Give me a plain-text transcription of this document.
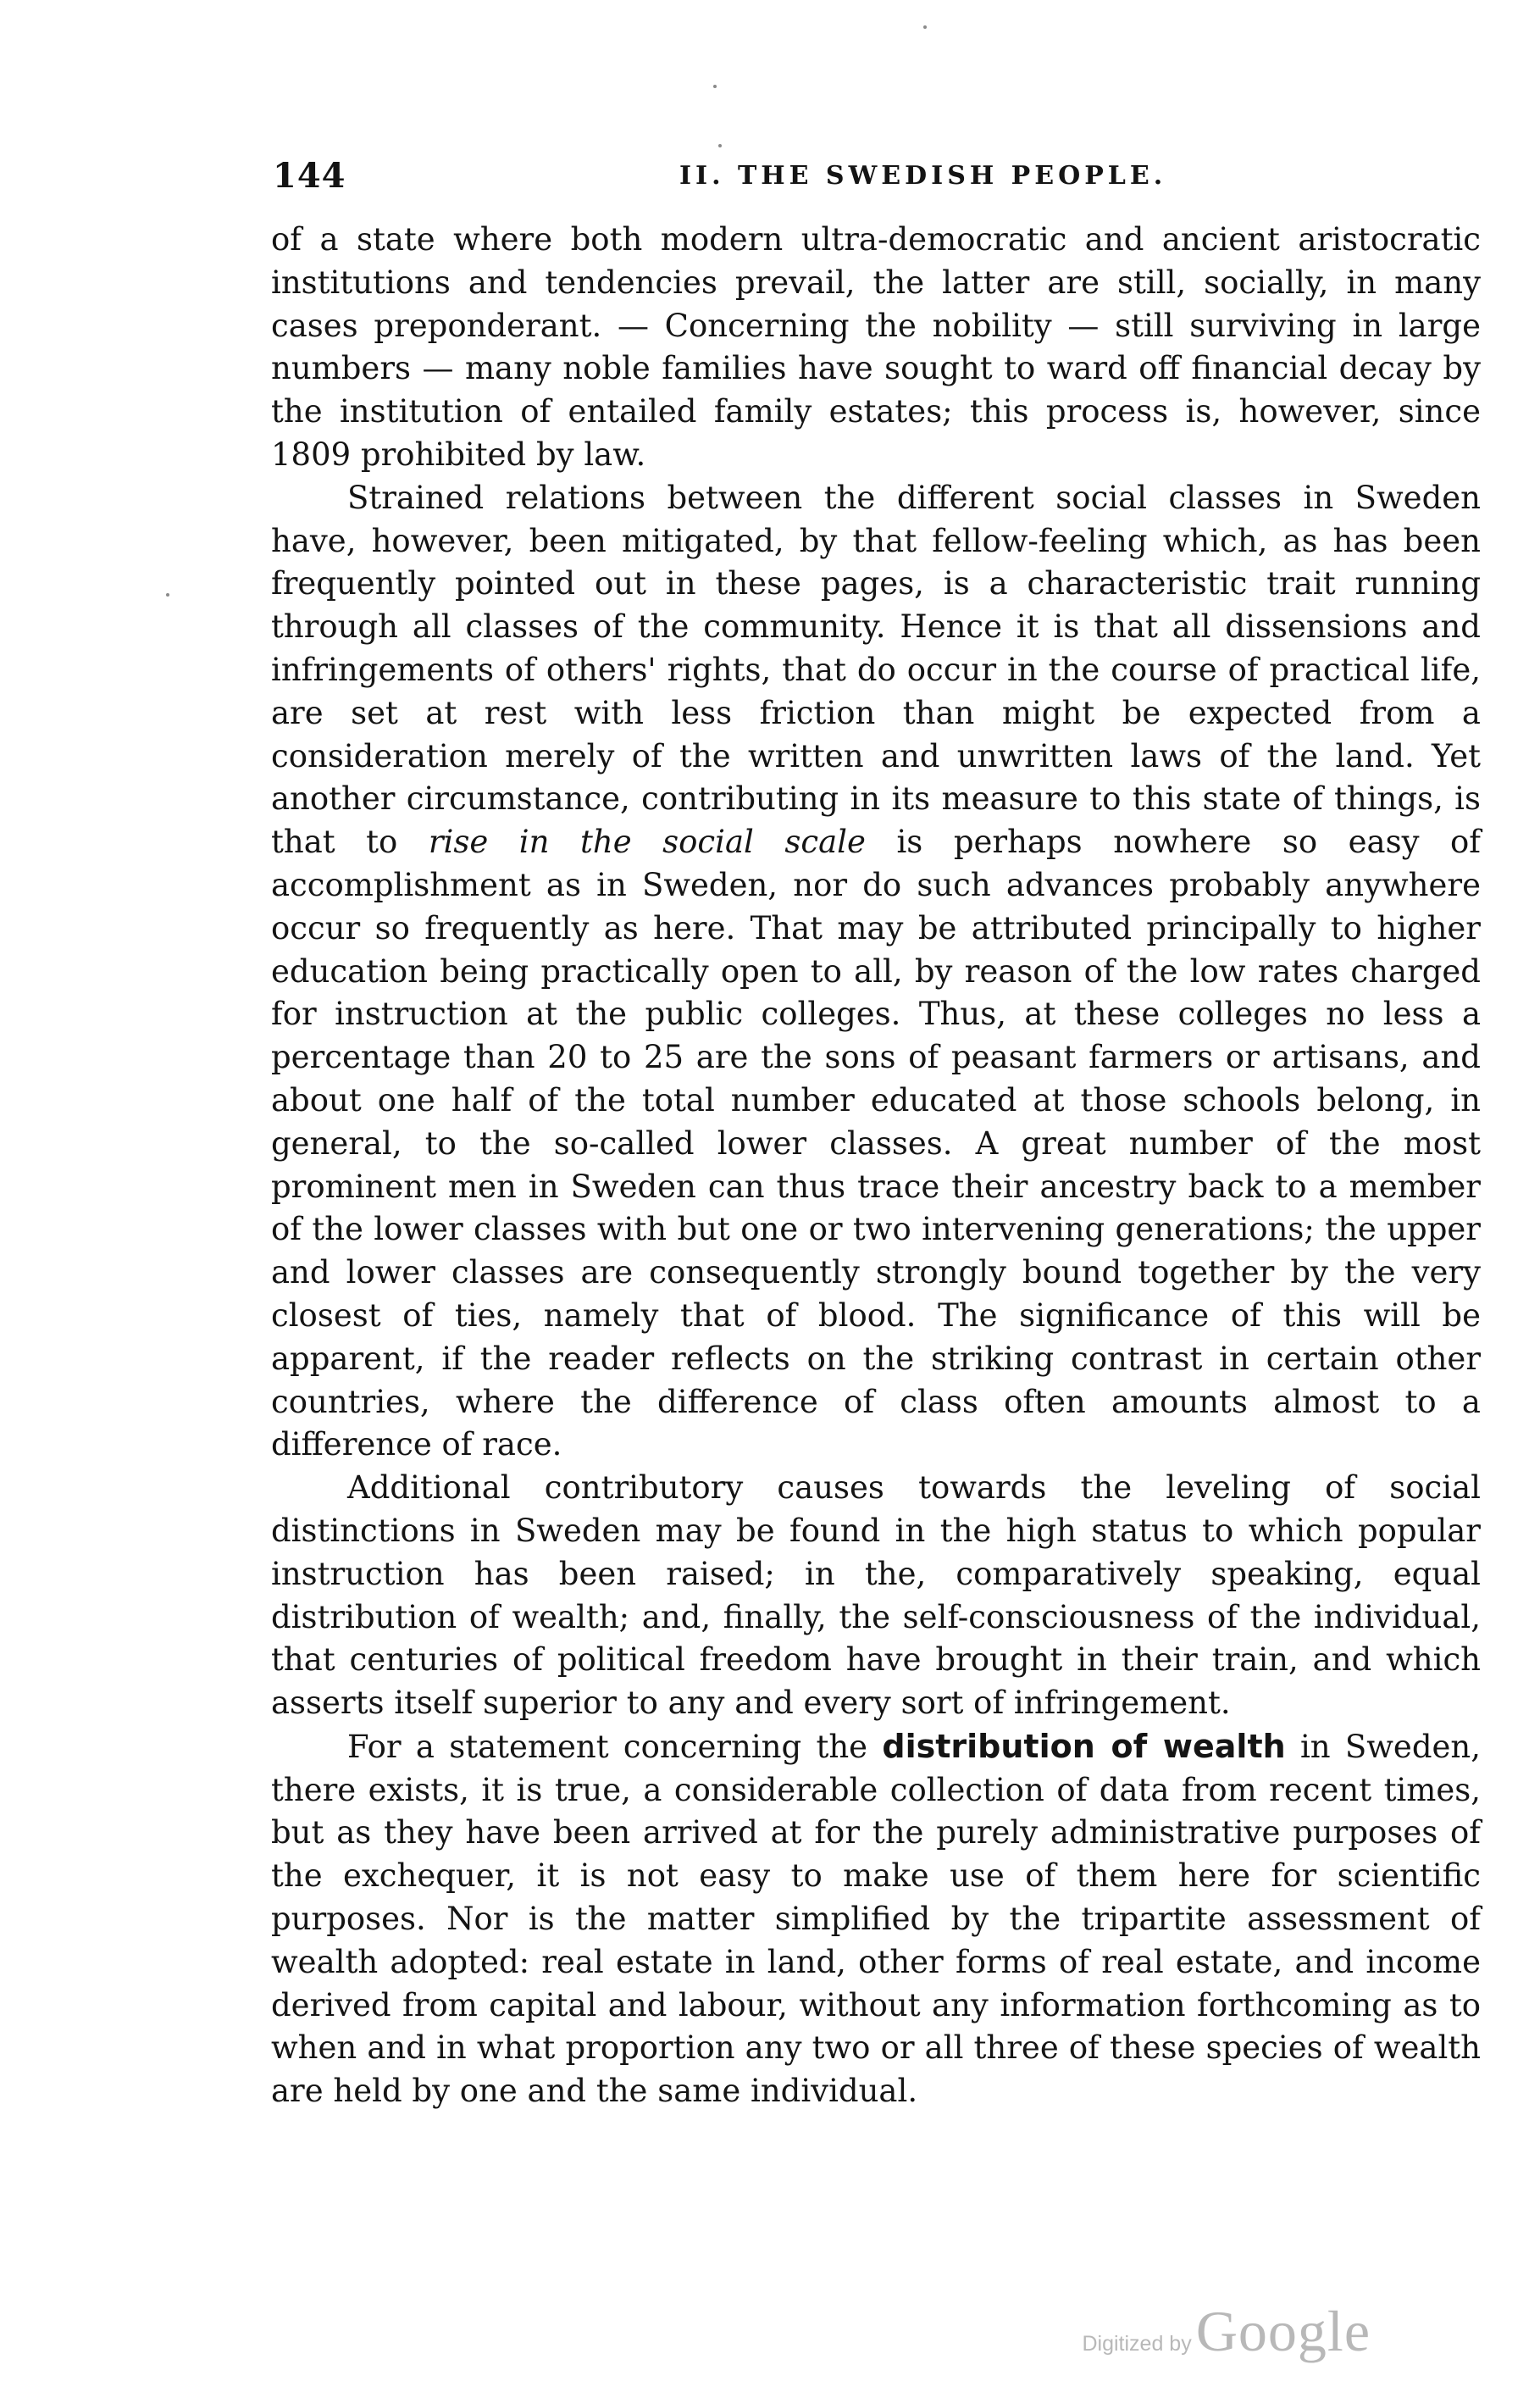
144	II. THE SWEDISH PEOPLE.

of a state where both modern ultra-democratic and ancient aristocratic institutions and tendencies prevail, the latter are still, socially, in many cases preponderant. — Concerning the nobility — still surviving in large numbers — many noble families have sought to ward off financial decay by the institution of entailed family estates; this process is, however, since 1809 prohibited by law.

Strained relations between the different social classes in Sweden have, however, been mitigated, by that fellow-feeling which, as has been frequently pointed out in these pages, is a characteristic trait running through all classes of the community. Hence it is that all dissensions and infringements of others' rights, that do occur in the course of practical life, are set at rest with less friction than might be expected from a consideration merely of the written and unwritten laws of the land. Yet another circumstance, contributing in its measure to this state of things, is that to rise in the social scale is perhaps nowhere so easy of accomplishment as in Sweden, nor do such advances probably anywhere occur so frequently as here. That may be attributed principally to higher education being practically open to all, by reason of the low rates charged for instruction at the public colleges. Thus, at these colleges no less a percentage than 20 to 25 are the sons of peasant farmers or artisans, and about one half of the total number educated at those schools belong, in general, to the so-called lower classes. A great number of the most prominent men in Sweden can thus trace their ancestry back to a member of the lower classes with but one or two intervening generations; the upper and lower classes are consequently strongly bound together by the very closest of ties, namely that of blood. The significance of this will be apparent, if the reader reflects on the striking contrast in certain other countries, where the difference of class often amounts almost to a difference of race.

Additional contributory causes towards the leveling of social distinctions in Sweden may be found in the high status to which popular instruction has been raised; in the, comparatively speaking, equal distribution of wealth; and, finally, the self-consciousness of the individual, that centuries of political freedom have brought in their train, and which asserts itself superior to any and every sort of infringement.

For a statement concerning the distribution of wealth in Sweden, there exists, it is true, a considerable collection of data from recent times, but as they have been arrived at for the purely administrative purposes of the exchequer, it is not easy to make use of them here for scientific purposes. Nor is the matter simplified by the tripartite assessment of wealth adopted: real estate in land, other forms of real estate, and income derived from capital and labour, without any information forthcoming as to when and in what proportion any two or all three of these species of wealth are held by one and the same individual.

Digitized by Google
